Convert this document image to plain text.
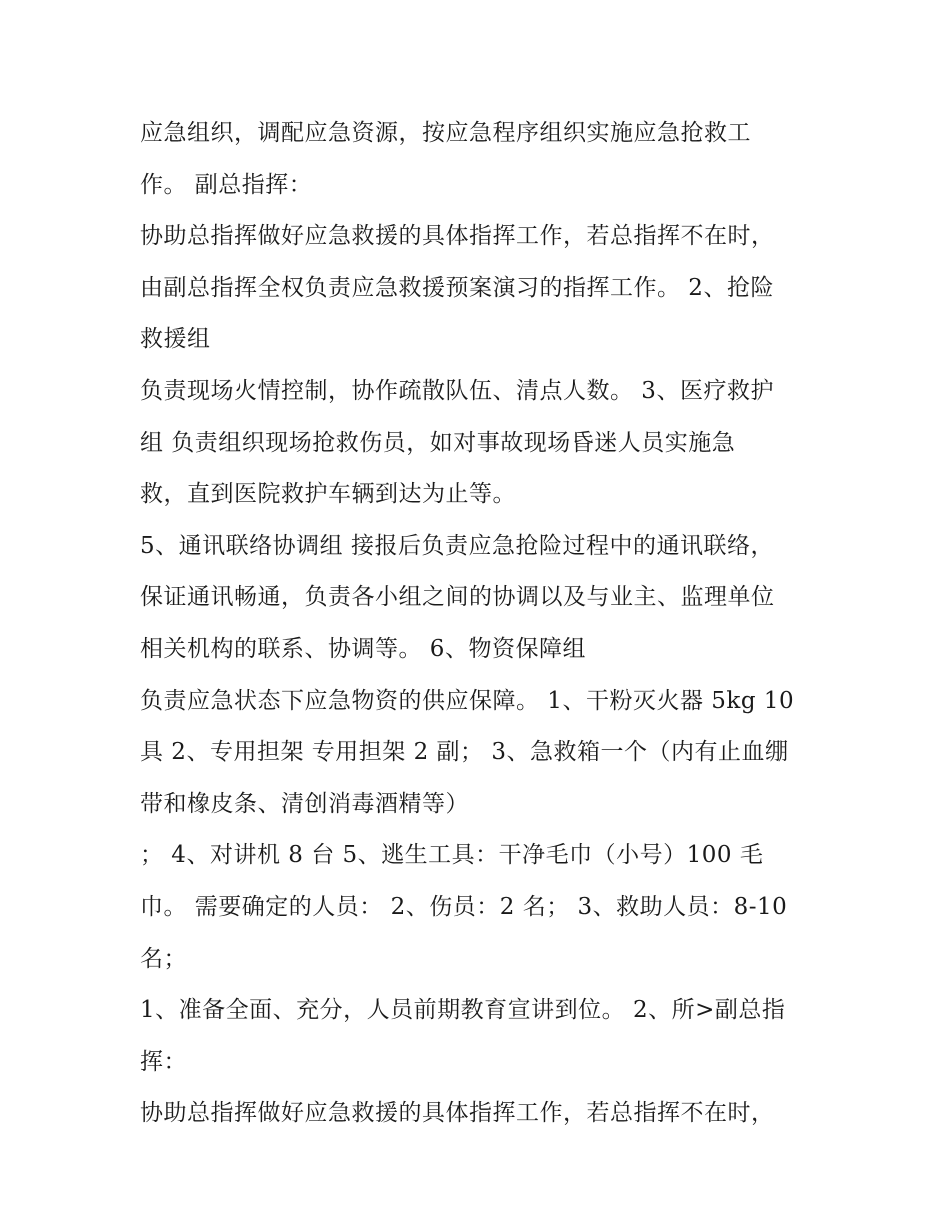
应急组织，调配应急资源，按应急程序组织实施应急抢救工
作。 副总指挥：
协助总指挥做好应急救援的具体指挥工作，若总指挥不在时，
由副总指挥全权负责应急救援预案演习的指挥工作。 2、抢险
救援组
负责现场火情控制，协作疏散队伍、清点人数。 3、医疗救护
组 负责组织现场抢救伤员，如对事故现场昏迷人员实施急
救，直到医院救护车辆到达为止等。
5、通讯联络协调组 接报后负责应急抢险过程中的通讯联络，
保证通讯畅通，负责各小组之间的协调以及与业主、监理单位
相关机构的联系、协调等。 6、物资保障组
负责应急状态下应急物资的供应保障。 1、干粉灭火器 5kg 10
具 2、专用担架 专用担架 2 副； 3、急救箱一个（内有止血绷
带和橡皮条、清创消毒酒精等）
； 4、对讲机 8 台 5、逃生工具：干净毛巾（小号）100 毛
巾。 需要确定的人员： 2、伤员：2 名； 3、救助人员：8-10
名；
1、准备全面、充分，人员前期教育宣讲到位。 2、所>副总指
挥：
协助总指挥做好应急救援的具体指挥工作，若总指挥不在时，
